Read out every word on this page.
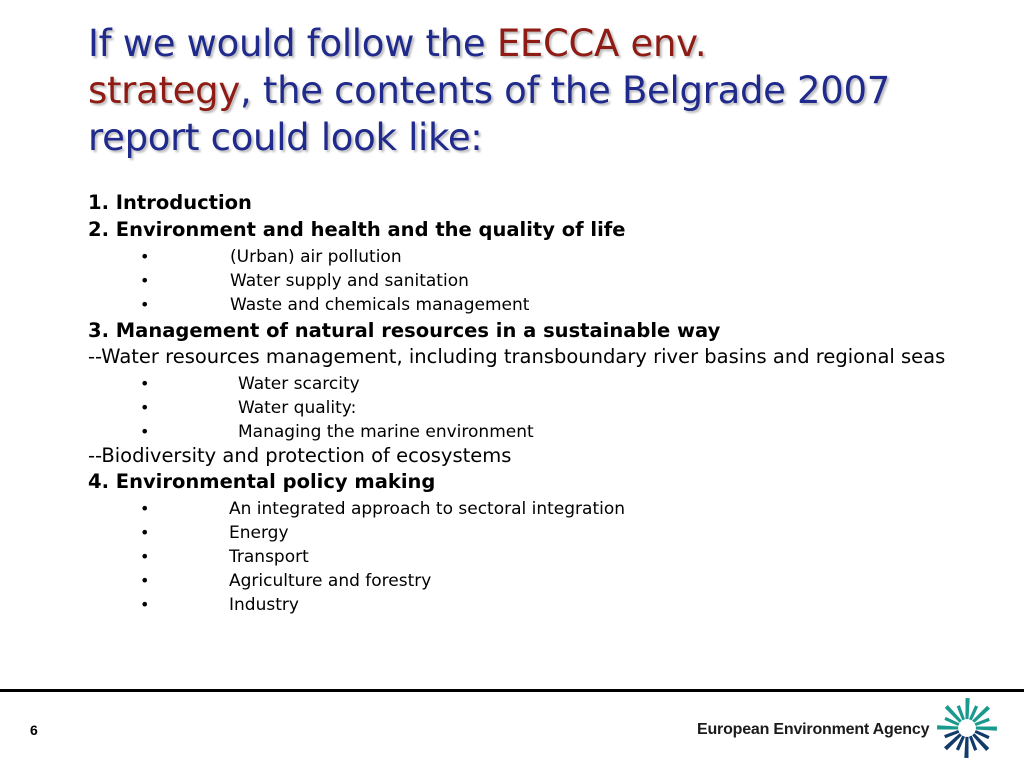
If we would follow the EECCA env.
strategy, the contents of the Belgrade 2007 report could look like:
1. Introduction
2. Environment and health and the quality of life
•	(Urban) air pollution
•	Water supply and sanitation
•	Waste and chemicals management
3. Management of natural resources in a sustainable way
--Water resources management, including transboundary river basins and regional seas
•	Water scarcity
•	Water quality:
•	Managing the marine environment
--Biodiversity and protection of ecosystems
4. Environmental policy making
•	An integrated approach to sectoral integration
•	Energy
•	Transport
•	Agriculture and forestry
•	Industry
6	European Environment Agency
